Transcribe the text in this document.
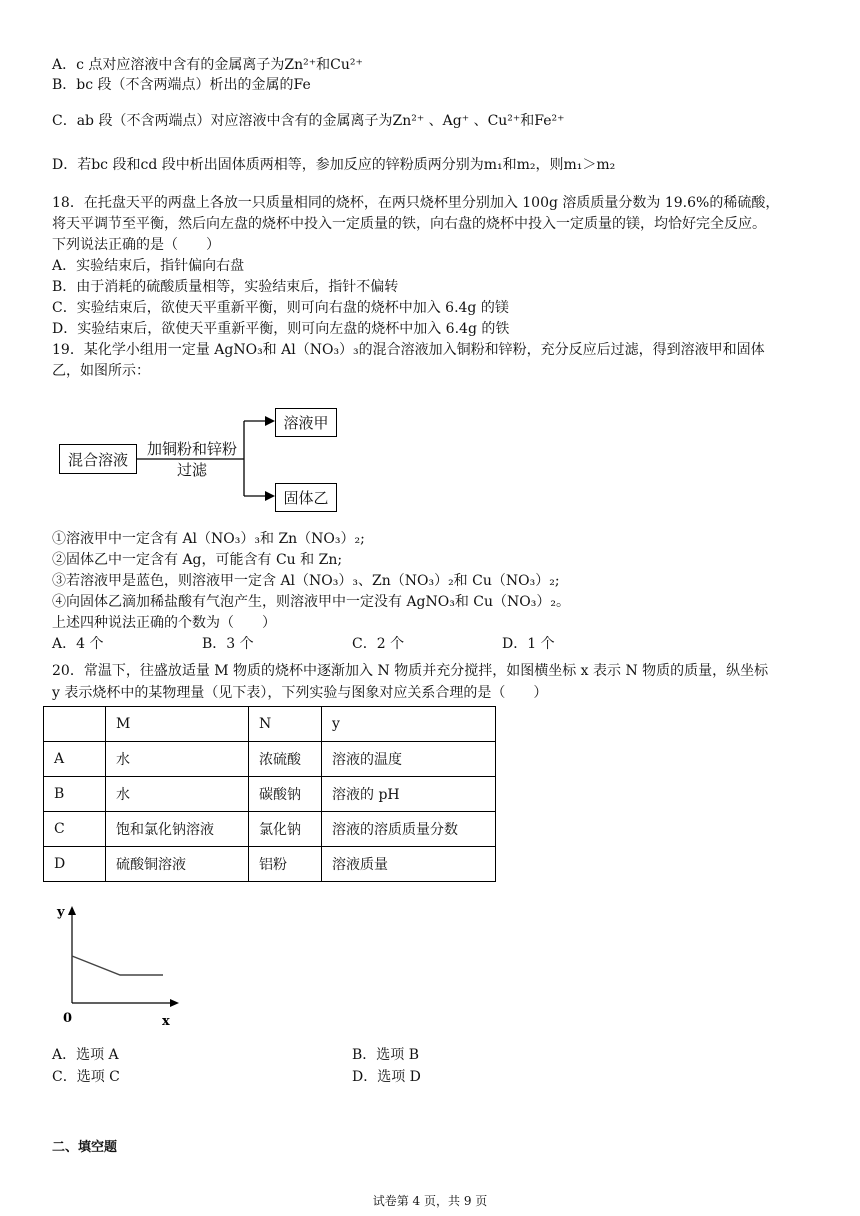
A．c 点对应溶液中含有的金属离子为Zn²⁺和Cu²⁺
B．bc 段（不含两端点）析出的金属的Fe
C．ab 段（不含两端点）对应溶液中含有的金属离子为Zn²⁺ 、Ag⁺ 、Cu²⁺和Fe²⁺
D．若bc 段和cd 段中析出固体质两相等，参加反应的锌粉质两分别为m₁和m₂，则m₁＞m₂
18．在托盘天平的两盘上各放一只质量相同的烧杯，在两只烧杯里分别加入 100g 溶质质量分数为 19.6%的稀硫酸，
将天平调节至平衡，然后向左盘的烧杯中投入一定质量的铁，向右盘的烧杯中投入一定质量的镁，均恰好完全反应。
下列说法正确的是（　　）
A．实验结束后，指针偏向右盘
B．由于消耗的硫酸质量相等，实验结束后，指针不偏转
C．实验结束后，欲使天平重新平衡，则可向右盘的烧杯中加入 6.4g 的镁
D．实验结束后，欲使天平重新平衡，则可向左盘的烧杯中加入 6.4g 的铁
19．某化学小组用一定量 AgNO₃和 Al（NO₃）₃的混合溶液加入铜粉和锌粉，充分反应后过滤，得到溶液甲和固体
乙，如图所示：
混合溶液
加铜粉和锌粉
过滤
溶液甲
固体乙
①溶液甲中一定含有 Al（NO₃）₃和 Zn（NO₃）₂;
②固体乙中一定含有 Ag，可能含有 Cu 和 Zn;
③若溶液甲是蓝色，则溶液甲一定含 Al（NO₃）₃、Zn（NO₃）₂和 Cu（NO₃）₂;
④向固体乙滴加稀盐酸有气泡产生，则溶液甲中一定没有 AgNO₃和 Cu（NO₃）₂。
上述四种说法正确的个数为（　　）
A．4 个	B．3 个	C．2 个	D．1 个
20．常温下，往盛放适量 M 物质的烧杯中逐渐加入 N 物质并充分搅拌，如图横坐标 x 表示 N 物质的质量，纵坐标
y 表示烧杯中的某物理量（见下表），下列实验与图象对应关系合理的是（　　）
	M	N	y
A	水	浓硫酸	溶液的温度
B	水	碳酸钠	溶液的 pH
C	饱和氯化钠溶液	氯化钠	溶液的溶质质量分数
D	硫酸铜溶液	铝粉	溶液质量
y
0	x
A．选项 A	B．选项 B
C．选项 C	D．选项 D
二、填空题
试卷第 4 页，共 9 页
